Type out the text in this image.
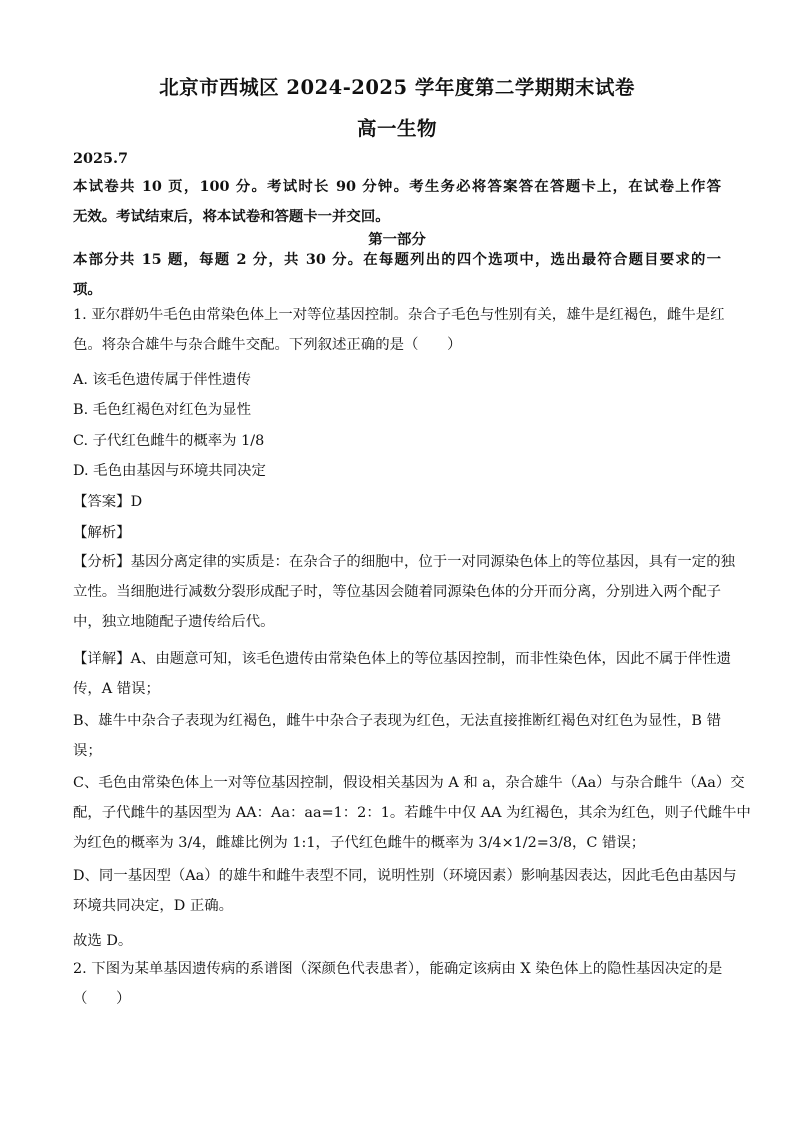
北京市西城区 2024-2025 学年度第二学期期末试卷
高一生物
2025.7
本试卷共 10 页，100 分。考试时长 90 分钟。考生务必将答案答在答题卡上，在试卷上作答
无效。考试结束后，将本试卷和答题卡一并交回。
第一部分
本部分共 15 题，每题 2 分，共 30 分。在每题列出的四个选项中，选出最符合题目要求的一
项。
1. 亚尔群奶牛毛色由常染色体上一对等位基因控制。杂合子毛色与性别有关，雄牛是红褐色，雌牛是红
色。将杂合雄牛与杂合雌牛交配。下列叙述正确的是（　　）
A. 该毛色遗传属于伴性遗传
B. 毛色红褐色对红色为显性
C. 子代红色雌牛的概率为 1/8
D. 毛色由基因与环境共同决定
【答案】D
【解析】
【分析】基因分离定律的实质是：在杂合子的细胞中，位于一对同源染色体上的等位基因，具有一定的独
立性。当细胞进行减数分裂形成配子时，等位基因会随着同源染色体的分开而分离，分别进入两个配子
中，独立地随配子遗传给后代。
【详解】A、由题意可知，该毛色遗传由常染色体上的等位基因控制，而非性染色体，因此不属于伴性遗
传，A 错误；
B、雄牛中杂合子表现为红褐色，雌牛中杂合子表现为红色，无法直接推断红褐色对红色为显性，B 错
误；
C、毛色由常染色体上一对等位基因控制，假设相关基因为 A 和 a，杂合雄牛（Aa）与杂合雌牛（Aa）交
配，子代雌牛的基因型为 AA：Aa：aa=1：2：1。若雌牛中仅 AA 为红褐色，其余为红色，则子代雌牛中
为红色的概率为 3/4，雌雄比例为 1:1，子代红色雌牛的概率为 3/4×1/2=3/8，C 错误；
D、同一基因型（Aa）的雄牛和雌牛表型不同，说明性别（环境因素）影响基因表达，因此毛色由基因与
环境共同决定，D 正确。
故选 D。
2. 下图为某单基因遗传病的系谱图（深颜色代表患者），能确定该病由 X 染色体上的隐性基因决定的是
（　　）
